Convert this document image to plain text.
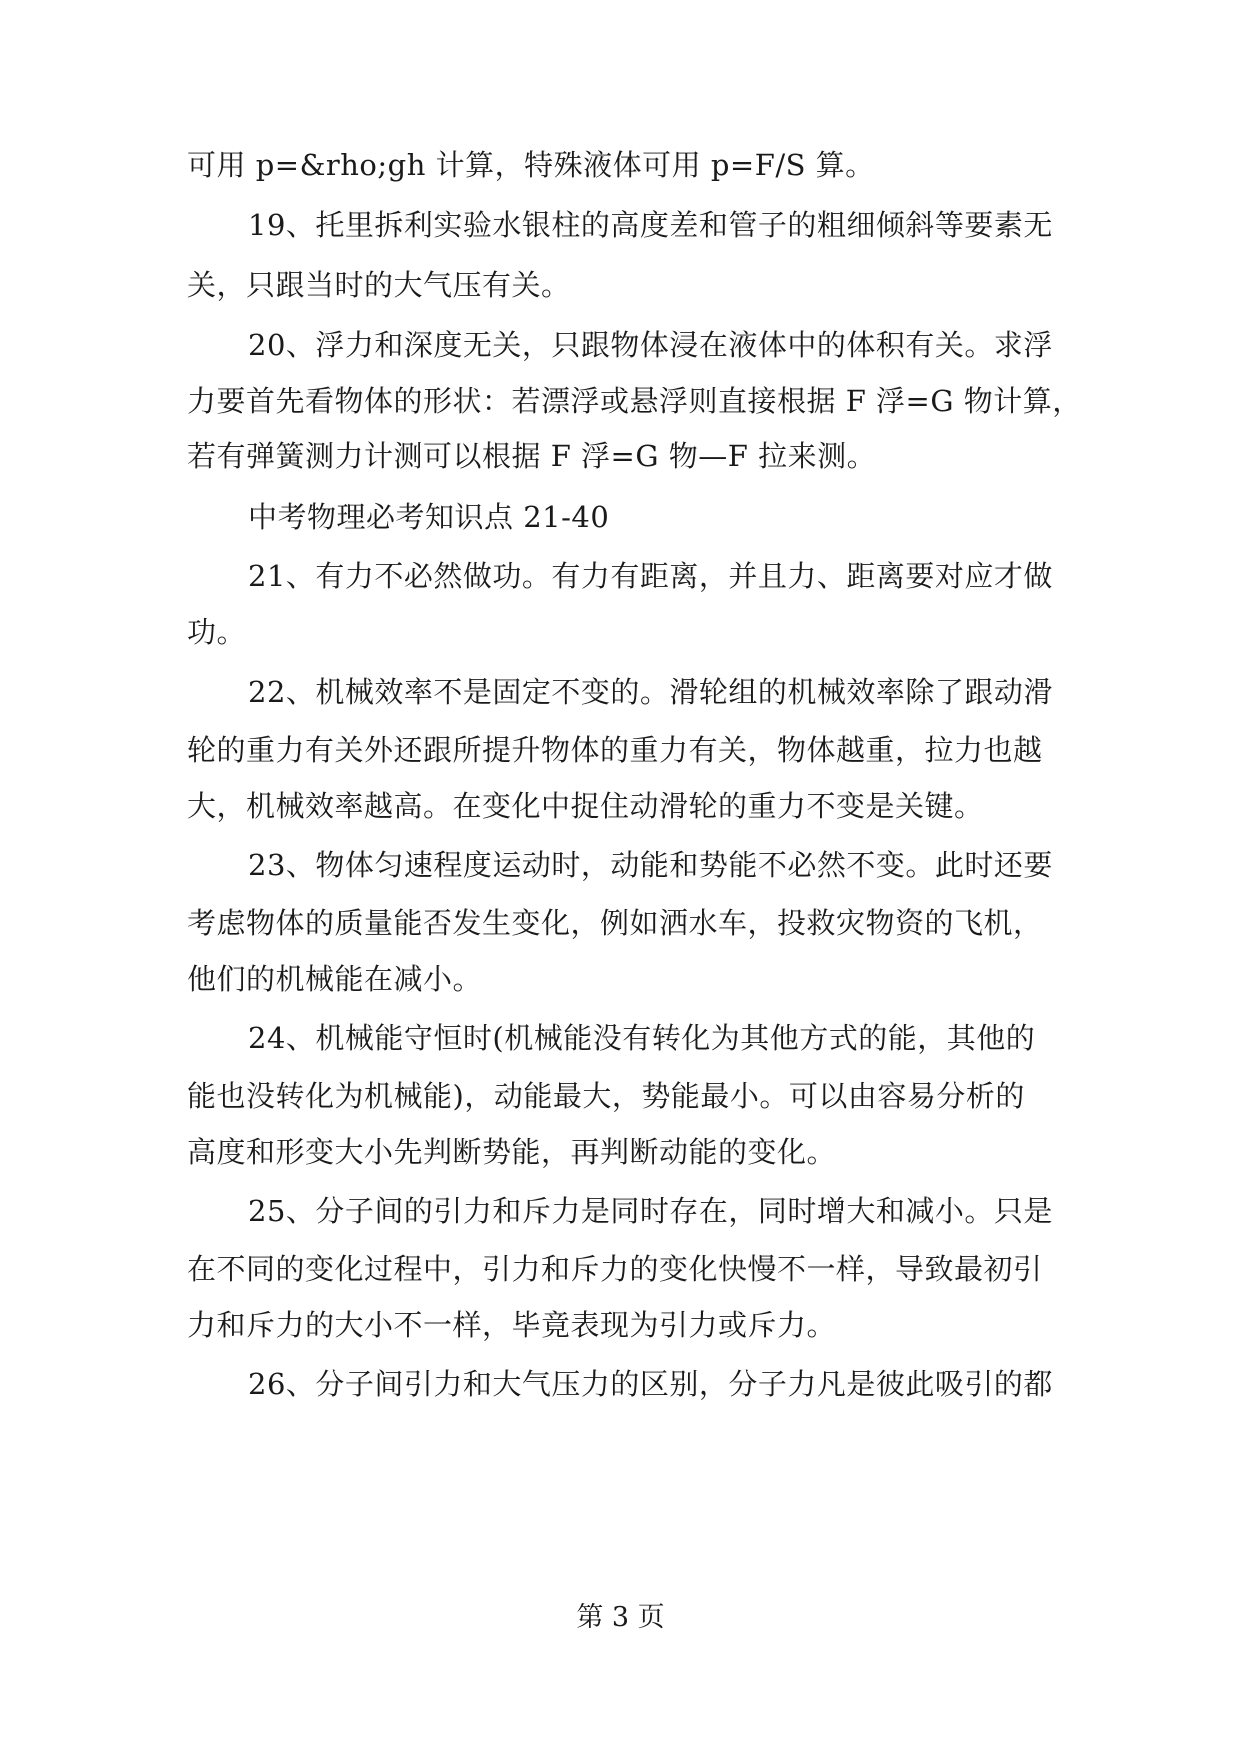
可用 p=&rho;gh 计算，特殊液体可用 p=F/S 算。
19、托里拆利实验水银柱的高度差和管子的粗细倾斜等要素无
关，只跟当时的大气压有关。
20、浮力和深度无关，只跟物体浸在液体中的体积有关。求浮
力要首先看物体的形状：若漂浮或悬浮则直接根据 F 浮=G 物计算，
若有弹簧测力计测可以根据 F 浮=G 物—F 拉来测。
中考物理必考知识点 21-40
21、有力不必然做功。有力有距离，并且力、距离要对应才做
功。
22、机械效率不是固定不变的。滑轮组的机械效率除了跟动滑
轮的重力有关外还跟所提升物体的重力有关，物体越重，拉力也越
大，机械效率越高。在变化中捉住动滑轮的重力不变是关键。
23、物体匀速程度运动时，动能和势能不必然不变。此时还要
考虑物体的质量能否发生变化，例如洒水车，投救灾物资的飞机，
他们的机械能在减小。
24、机械能守恒时(机械能没有转化为其他方式的能，其他的
能也没转化为机械能)，动能最大，势能最小。可以由容易分析的
高度和形变大小先判断势能，再判断动能的变化。
25、分子间的引力和斥力是同时存在，同时增大和减小。只是
在不同的变化过程中，引力和斥力的变化快慢不一样，导致最初引
力和斥力的大小不一样，毕竟表现为引力或斥力。
26、分子间引力和大气压力的区别，分子力凡是彼此吸引的都
第 3 页
